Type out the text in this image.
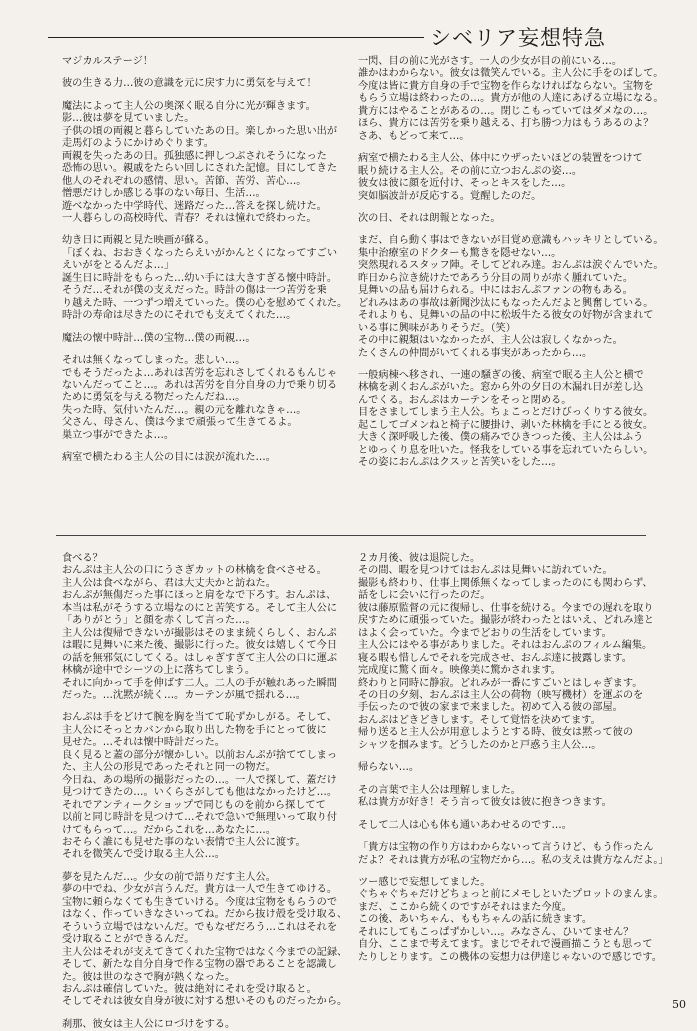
シベリア妄想特急

マジカルステージ！

彼の生きる力…彼の意識を元に戻す力に勇気を与えて！

魔法によって主人公の奥深く眠る自分に光が輝きます。
影…彼は夢を見ていました。
子供の頃の両親と暮らしていたあの日。楽しかった思い出が
走馬灯のようにかけめぐります。
両親を失ったあの日。孤独感に押しつぶされそうになった
恐怖の思い。親戚をたらい回しにされた記憶。目にしてきた
他人のそれぞれの感情、思い。苦節、苦労、苦心…。
憎悪だけしか感じる事のない毎日、生活…。
遊べなかった中学時代、迷路だった…答えを探し続けた。
一人暮らしの高校時代、青春？それは憧れで終わった。

幼き日に両親と見た映画が蘇る。
「ぼくね、おおきくなったらえいがかんとくになってすごい
えいがをとるんだよ…」
誕生日に時計をもらった…幼い手には大きすぎる懐中時計。
そうだ…それが僕の支えだった。時計の傷は一つ苦労を乗
り越えた時、一つずつ増えていった。僕の心を慰めてくれた。
時計の寿命は尽きたのにそれでも支えてくれた…。

魔法の懐中時計…僕の宝物…僕の両親…。

それは無くなってしまった。悲しい…。
でもそうだったよ…あれは苦労を忘れさしてくれるもんじゃ
ないんだってこと…。あれは苦労を自分自身の力で乗り切る
ために勇気を与える物だったんだね…。
失った時、気付いたんだ…。親の元を離れなきゃ…。
父さん、母さん、僕は今まで頑張って生きてるよ。
巣立つ事ができたよ…。

病室で横たわる主人公の目には涙が流れた…。

一閃、目の前に光がさす。一人の少女が目の前にいる…。
誰かはわからない。彼女は微笑んでいる。主人公に手をのばして。
今度は皆に貴方自身の手で宝物を作らなければならない。宝物を
もらう立場は終わったの…。貴方が他の人達にあげる立場になる。
貴方にはやることがあるの…。閉じこもっていてはダメなの…。
ほら、貴方には苦労を乗り越える、打ち勝つ力はもうあるのよ？
さあ、もどって来て…。

病室で横たわる主人公、体中にウザったいほどの装置をつけて
眠り続ける主人公。その前に立つおんぷの姿…。
彼女は彼に顔を近付け、そっとキスをした…。
突如脳波計が反応する。覚醒したのだ。

次の日、それは朗報となった。

まだ、自ら動く事はできないが目覚め意識もハッキリとしている。
集中治療室のドクターも驚きを隠せない…。
突然現れるスタッフ陣。そしてどれみ達。おんぷは涙ぐんでいた。
昨日から泣き続けたであろう分目の周りが赤く腫れていた。
見舞いの品も届けられる。中にはおんぷファンの物もある。
どれみはあの事故は新聞沙汰にもなったんだよと興奮している。
それよりも、見舞いの品の中に松坂牛たる彼女の好物が含まれて
いる事に興味がありそうだ。（笑）
その中に親類はいなかったが、主人公は寂しくなかった。
たくさんの仲間がいてくれる事実があったから…。

一般病棟へ移され、一連の騒ぎの後、病室で眠る主人公と横で
林檎を剥くおんぷがいた。窓から外の夕日の木漏れ日が差し込
んでくる。おんぷはカーテンをそっと閉める。
目をさましてしまう主人公。ちょこっとだけびっくりする彼女。
起こしてゴメンねと椅子に腰掛け、剥いた林檎を手にとる彼女。
大きく深呼吸した後、僕の痛みでひきつった後、主人公はふう
とゆっくり息を吐いた。怪我をしている事を忘れていたらしい。
その姿におんぷはクスッと苦笑いをした…。

食べる？
おんぷは主人公の口にうさぎカットの林檎を食べさせる。
主人公は食べながら、君は大丈夫かと訪ねた。
おんぷが無傷だった事にほっと肩をなで下ろす。おんぷは、
本当は私がそうする立場なのにと苦笑する。そして主人公に
「ありがとう」と顔を赤くして言った…。
主人公は復帰できないが撮影はそのまま続くらしく、おんぷ
は暇に見舞いに来た後、撮影に行った。彼女は嬉しくて今日
の話を無邪気にしてくる。はしゃぎすぎて主人公の口に運ぶ
林檎が途中でシーツの上に落ちてしまう。
それに向かって手を伸ばす二人。二人の手が触れあった瞬間
だった。…沈黙が続く…。カーテンが風で揺れる…。

おんぷは手をどけて腕を胸を当てて恥ずかしがる。そして、
主人公にそっとカバンから取り出した物を手にとって彼に
見せた。…それは懐中時計だった。
良く見ると蓋の部分が懐かしい。以前おんぷが捨ててしまっ
た、主人公の形見であったそれと同一の物だ。
今日ね、あの場所の撮影だったの…。一人で探して、蓋だけ
見つけてきたの…。いくらさがしても他はなかったけど…。
それでアンティークショップで同じものを前から探してて
以前と同じ時計を見つけて…それで急いで無理いって取り付
けてもらって…。だからこれを…あなたに…。
おそらく誰にも見せた事のない表情で主人公に渡す。
それを微笑んで受け取る主人公…。

夢を見たんだ…。少女の前で語りだす主人公。
夢の中でね、少女が言うんだ。貴方は一人で生きてゆける。
宝物に頼らなくても生きていける。今度は宝物をもらうので
はなく、作っていきなさいってね。だから抜け殻を受け取る、
そういう立場ではないんだ。でもなぜだろう…これはそれを
受け取ることができるんだ。
主人公はそれが支えてきてくれた宝物ではなく今までの記録、
そして、新たな自分自身で作る宝物の器であることを認識し
た。彼は世のなさで胸が熱くなった。
おんぷは確信していた。彼は絶対にそれを受け取ると。
そしてそれは彼女自身が彼に対する想いそのものだったから。

刹那、彼女は主人公にロづけをする。

２カ月後、彼は退院した。
その間、暇を見つけてはおんぷは見舞いに訪れていた。
撮影も終わり、仕事上関係無くなってしまったのにも関わらず、
話をしに会いに行ったのだ。
彼は藤原監督の元に復帰し、仕事を続ける。今までの遅れを取り
戻すために頑張っていた。撮影が終わったとはいえ、どれみ達と
はよく会っていた。今までどおりの生活をしています。
主人公にはやる事がありました。それはおんぷのフィルム編集。
寝る暇も惜しんでそれを完成させ、おんぷ達に披露します。
完成度に驚く面々。映像美に驚かされます。
終わりと同時に静寂。どれみが一番にすごいとはしゃぎます。
その日の夕刻、おんぷは主人公の荷物（映写機材）を運ぶのを
手伝ったので彼の家まで来ました。初めて入る彼の部屋。
おんぷはどきどきします。そして覚悟を決めてます。
帰り送ると主人公が用意しようとする時、彼女は黙って彼の
シャツを掴みます。どうしたのかと戸惑う主人公…。

帰らない…。

その言葉で主人公は理解しました。
私は貴方が好き！そう言って彼女は彼に抱きつきます。

そして二人は心も体も通いあわせるのです…。

「貴方は宝物の作り方はわからないって言うけど、もう作ったん
だよ？それは貴方が私の宝物だから…。私の支えは貴方なんだよ。」

ツー感じで妄想してました。
ぐちゃぐちゃだけどちょっと前にメモしといたプロットのまんま。
まだ、ここから続くのですがそれはまた今度。
この後、あいちゃん、ももちゃんの話に続きます。
それにしてもこっぱずかしい…。みなさん、ひいてません？
自分、ここまで考えてます。まじでそれで漫画描こうとも思って
たりしとります。この機体の妄想力は伊達じゃないので感じです。

50
